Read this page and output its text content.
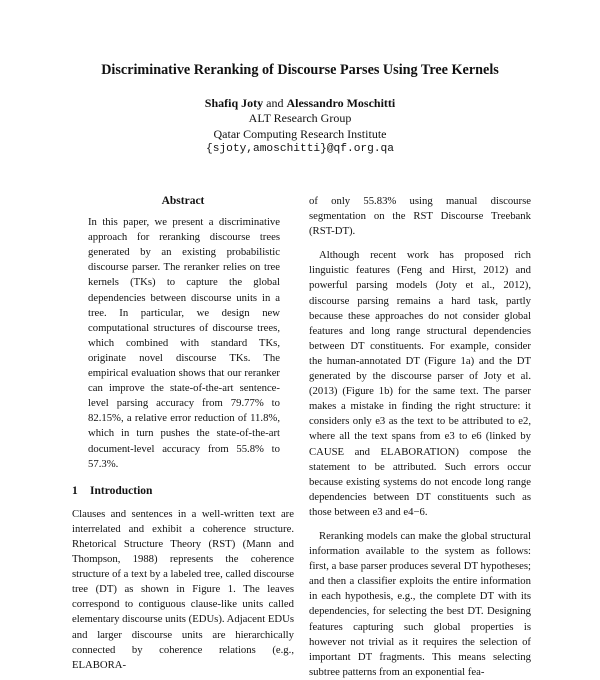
Discriminative Reranking of Discourse Parses Using Tree Kernels
Shafiq Joty and Alessandro Moschitti
ALT Research Group
Qatar Computing Research Institute
{sjoty,amoschitti}@qf.org.qa
Abstract

In this paper, we present a discriminative approach for reranking discourse trees generated by an existing probabilistic discourse parser. The reranker relies on tree kernels (TKs) to capture the global dependencies between discourse units in a tree. In particular, we design new computational structures of discourse trees, which combined with standard TKs, originate novel discourse TKs. The empirical evaluation shows that our reranker can improve the state-of-the-art sentence-level parsing accuracy from 79.77% to 82.15%, a relative error reduction of 11.8%, which in turn pushes the state-of-the-art document-level accuracy from 55.8% to 57.3%.

1 Introduction

Clauses and sentences in a well-written text are interrelated and exhibit a coherence structure. Rhetorical Structure Theory (RST) (Mann and Thompson, 1988) represents the coherence structure of a text by a labeled tree, called discourse tree (DT) as shown in Figure 1. The leaves correspond to contiguous clause-like units called elementary discourse units (EDUs). Adjacent EDUs and larger discourse units are hierarchically connected by coherence relations (e.g., ELABORA-

of only 55.83% using manual discourse segmentation on the RST Discourse Treebank (RST-DT).

Although recent work has proposed rich linguistic features (Feng and Hirst, 2012) and powerful parsing models (Joty et al., 2012), discourse parsing remains a hard task, partly because these approaches do not consider global features and long range structural dependencies between DT constituents. For example, consider the human-annotated DT (Figure 1a) and the DT generated by the discourse parser of Joty et al. (2013) (Figure 1b) for the same text. The parser makes a mistake in finding the right structure: it considers only e3 as the text to be attributed to e2, where all the text spans from e3 to e6 (linked by CAUSE and ELABORATION) compose the statement to be attributed. Such errors occur because existing systems do not encode long range dependencies between DT constituents such as those between e3 and e4−6.

Reranking models can make the global structural information available to the system as follows: first, a base parser produces several DT hypotheses; and then a classifier exploits the entire information in each hypothesis, e.g., the complete DT with its dependencies, for selecting the best DT. Designing features capturing such global properties is however not trivial as it requires the selection of important DT fragments. This means selecting subtree patterns from an exponential fea-
